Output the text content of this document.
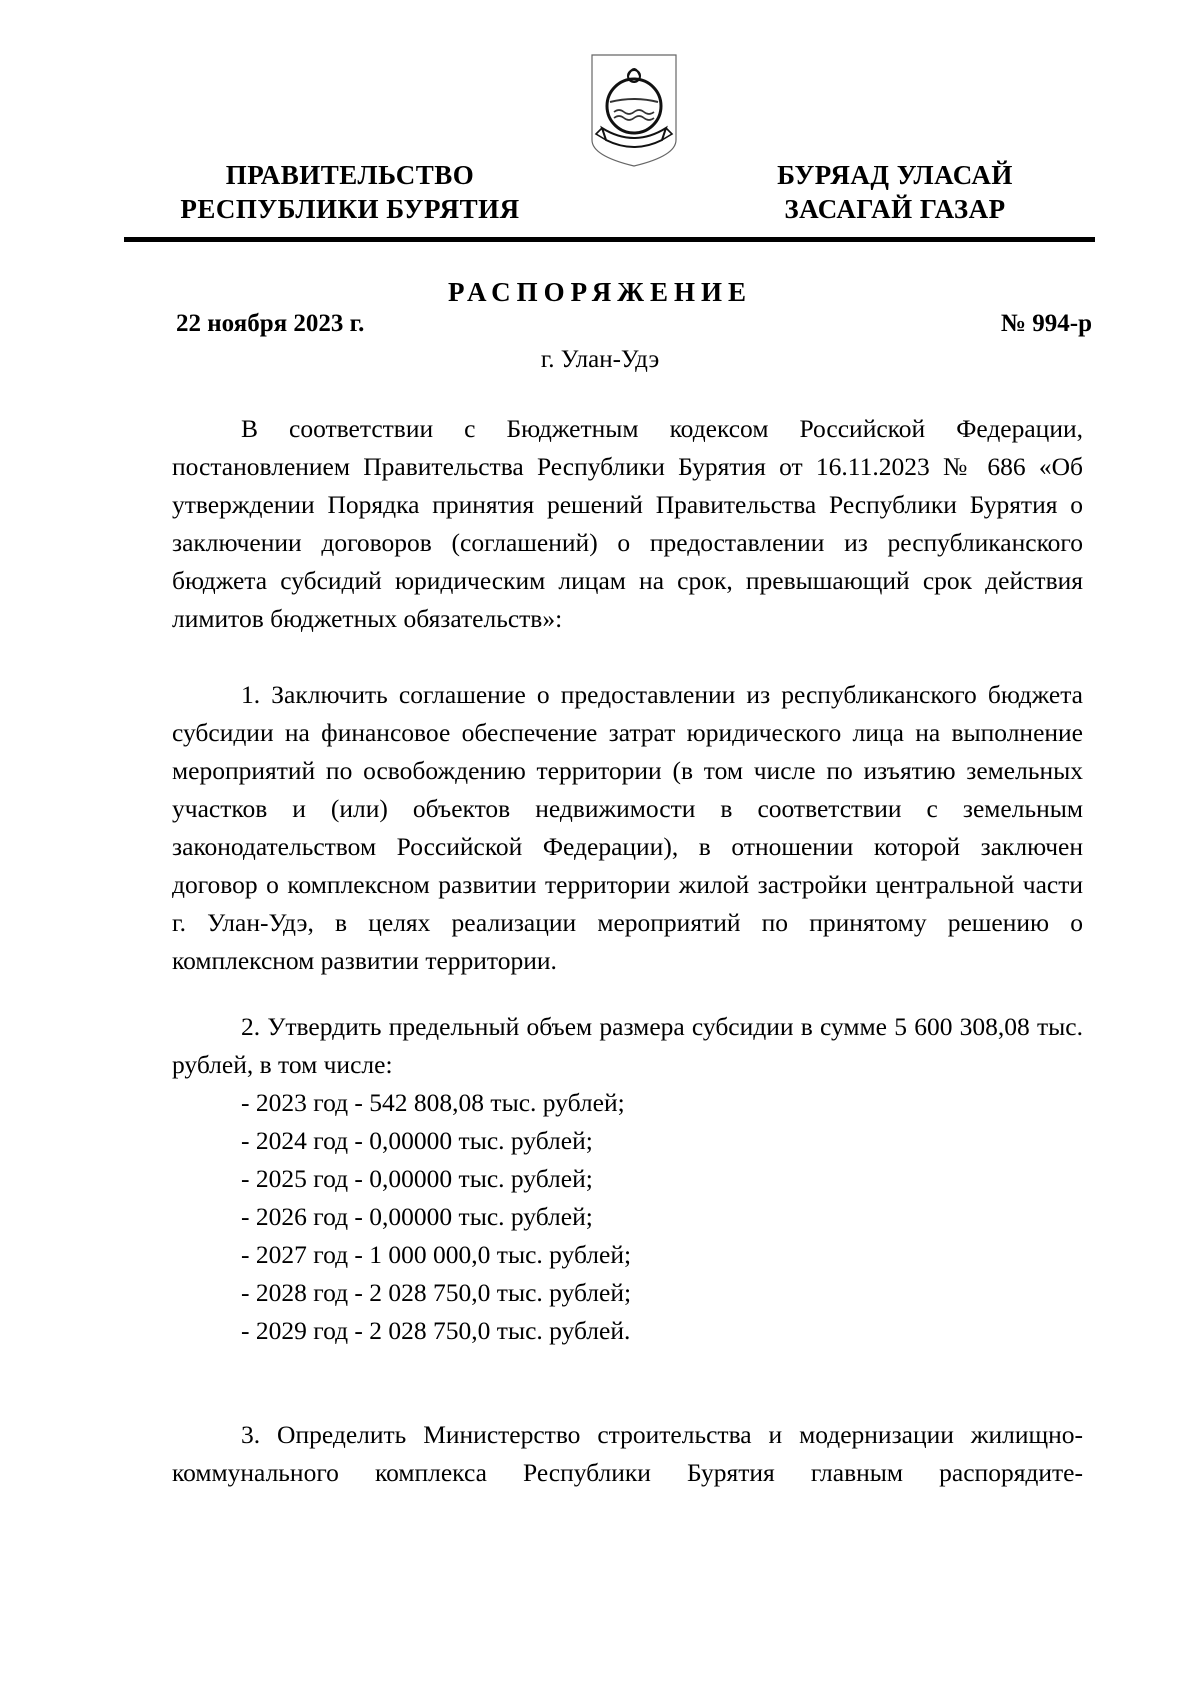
ПРАВИТЕЛЬСТВО
РЕСПУБЛИКИ БУРЯТИЯ
БУРЯАД УЛАСАЙ
ЗАСАГАЙ ГАЗАР
РАСПОРЯЖЕНИЕ
22 ноября 2023 г.	№ 994-р
г. Улан-Удэ

В соответствии с Бюджетным кодексом Российской Федерации, постановлением Правительства Республики Бурятия от 16.11.2023 № 686 «Об утверждении Порядка принятия решений Правительства Республики Бурятия о заключении договоров (соглашений) о предоставлении из республиканского бюджета субсидий юридическим лицам на срок, превышающий срок действия лимитов бюджетных обязательств»:

1. Заключить соглашение о предоставлении из республиканского бюджета субсидии на финансовое обеспечение затрат юридического лица на выполнение мероприятий по освобождению территории (в том числе по изъятию земельных участков и (или) объектов недвижимости в соответствии с земельным законодательством Российской Федерации), в отношении которой заключен договор о комплексном развитии территории жилой застройки центральной части г. Улан-Удэ, в целях реализации мероприятий по принятому решению о комплексном развитии территории.

2. Утвердить предельный объем размера субсидии в сумме 5 600 308,08 тыс. рублей, в том числе:

- 2023 год - 542 808,08 тыс. рублей;
- 2024 год - 0,00000 тыс. рублей;
- 2025 год - 0,00000 тыс. рублей;
- 2026 год - 0,00000 тыс. рублей;
- 2027 год - 1 000 000,0 тыс. рублей;
- 2028 год - 2 028 750,0 тыс. рублей;
- 2029 год - 2 028 750,0 тыс. рублей.

3. Определить Министерство строительства и модернизации жилищно-коммунального комплекса Республики Бурятия главным распорядите-
